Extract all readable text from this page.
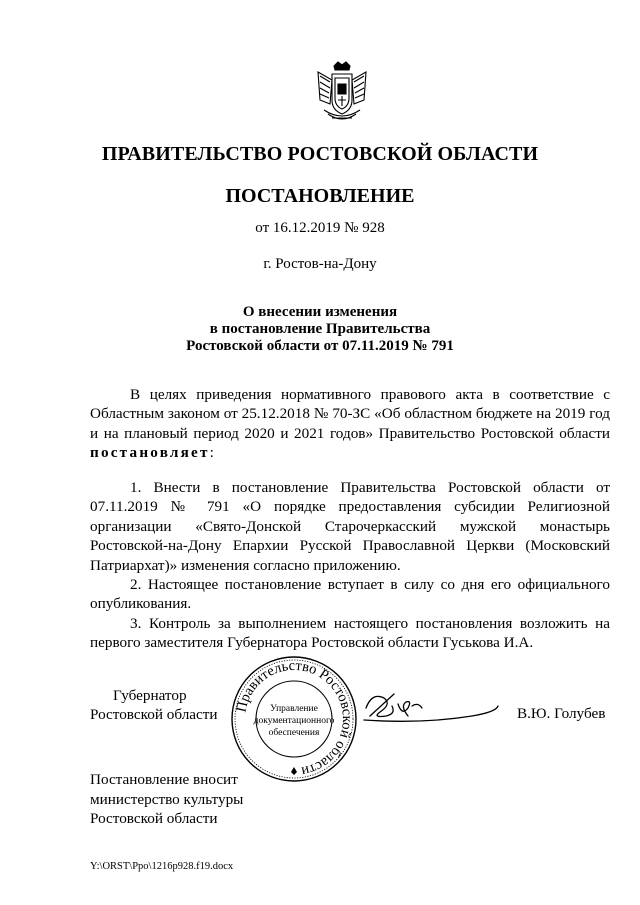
ПРАВИТЕЛЬСТВО РОСТОВСКОЙ ОБЛАСТИ
ПОСТАНОВЛЕНИЕ
от 16.12.2019 № 928
г. Ростов-на-Дону
О внесении изменения
в постановление Правительства
Ростовской области от 07.11.2019 № 791

В целях приведения нормативного правового акта в соответствие с Областным законом от 25.12.2018 № 70-ЗС «Об областном бюджете на 2019 год и на плановый период 2020 и 2021 годов» Правительство Ростовской области постановляет:

1. Внести в постановление Правительства Ростовской области от 07.11.2019 № 791 «О порядке предоставления субсидии Религиозной организации «Свято-Донской Старочеркасский мужской монастырь Ростовской-на-Дону Епархии Русской Православной Церкви (Московский Патриархат)» изменения согласно приложению.

2. Настоящее постановление вступает в силу со дня его официального опубликования.

3. Контроль за выполнением настоящего постановления возложить на первого заместителя Губернатора Ростовской области Гуськова И.А.

Губернатор
Ростовской области	Правительство Ростовской области
Управление
документационного
обеспечения
В.Ю. Голубев
Постановление вносит
министерство культуры
Ростовской области
Y:\ORST\Ppo\1216p928.f19.docx
